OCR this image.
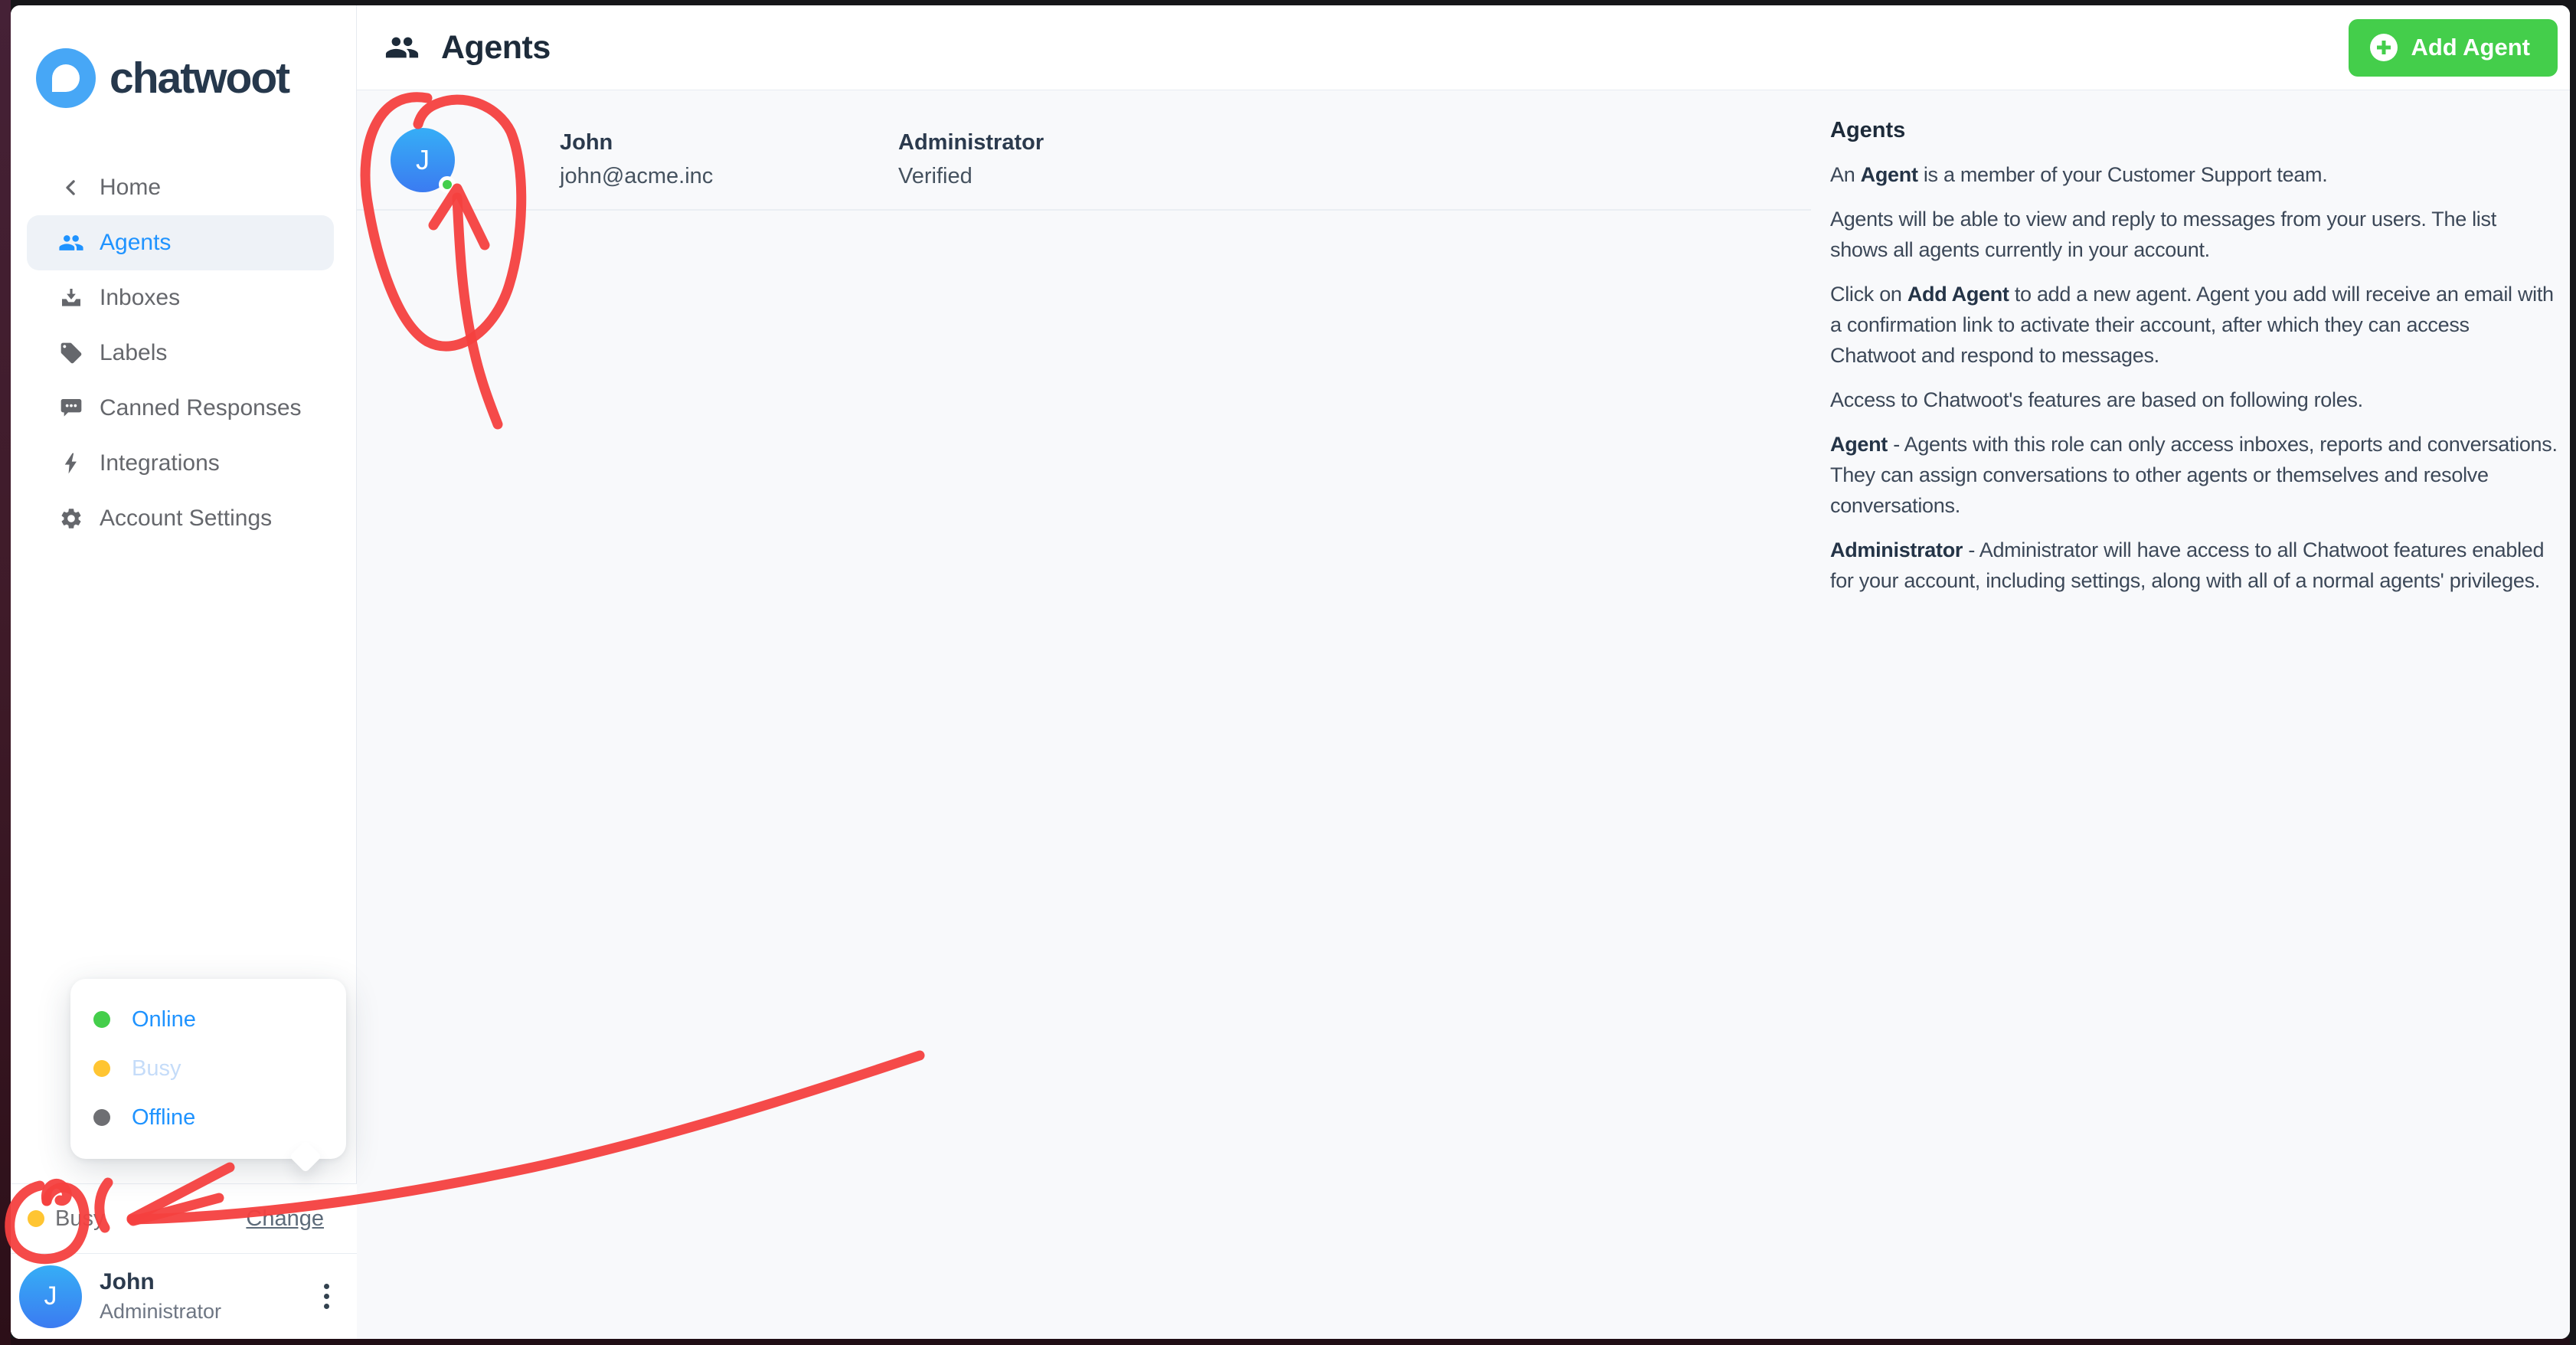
chatwoot
Home
Agents
Inboxes
Labels
Canned Responses
Integrations
Account Settings
Online
Busy
Offline
Busy	Change
J John
Administrator
Agents	Add Agent
J
John
john@acme.inc
Administrator
Verified
Agents

An Agent is a member of your Customer Support team.

Agents will be able to view and reply to messages from your users. The list shows all agents currently in your account.

Click on Add Agent to add a new agent. Agent you add will receive an email with a confirmation link to activate their account, after which they can access Chatwoot and respond to messages.

Access to Chatwoot's features are based on following roles.

Agent - Agents with this role can only access inboxes, reports and conversations. They can assign conversations to other agents or themselves and resolve conversations.

Administrator - Administrator will have access to all Chatwoot features enabled for your account, including settings, along with all of a normal agents' privileges.
